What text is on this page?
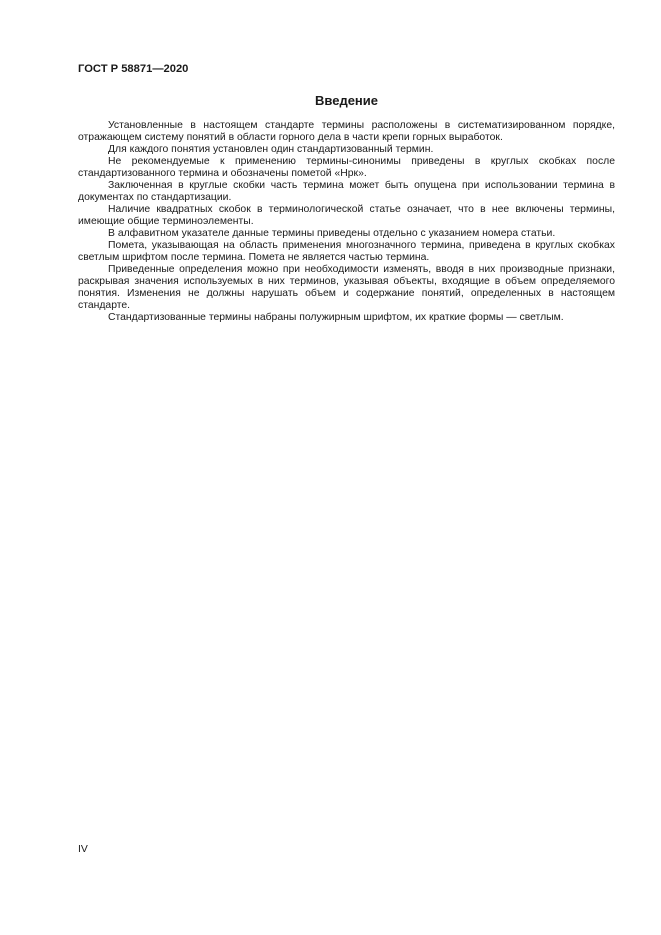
ГОСТ Р 58871—2020
Введение

Установленные в настоящем стандарте термины расположены в систематизированном порядке, отражающем систему понятий в области горного дела в части крепи горных выработок.

Для каждого понятия установлен один стандартизованный термин.

Не рекомендуемые к применению термины-синонимы приведены в круглых скобках после стандартизованного термина и обозначены пометой «Нрк».

Заключенная в круглые скобки часть термина может быть опущена при использовании термина в документах по стандартизации.

Наличие квадратных скобок в терминологической статье означает, что в нее включены термины, имеющие общие терминоэлементы.

В алфавитном указателе данные термины приведены отдельно с указанием номера статьи.

Помета, указывающая на область применения многозначного термина, приведена в круглых скобках светлым шрифтом после термина. Помета не является частью термина.

Приведенные определения можно при необходимости изменять, вводя в них производные признаки, раскрывая значения используемых в них терминов, указывая объекты, входящие в объем определяемого понятия. Изменения не должны нарушать объем и содержание понятий, определенных в настоящем стандарте.

Стандартизованные термины набраны полужирным шрифтом, их краткие формы — светлым.

IV
